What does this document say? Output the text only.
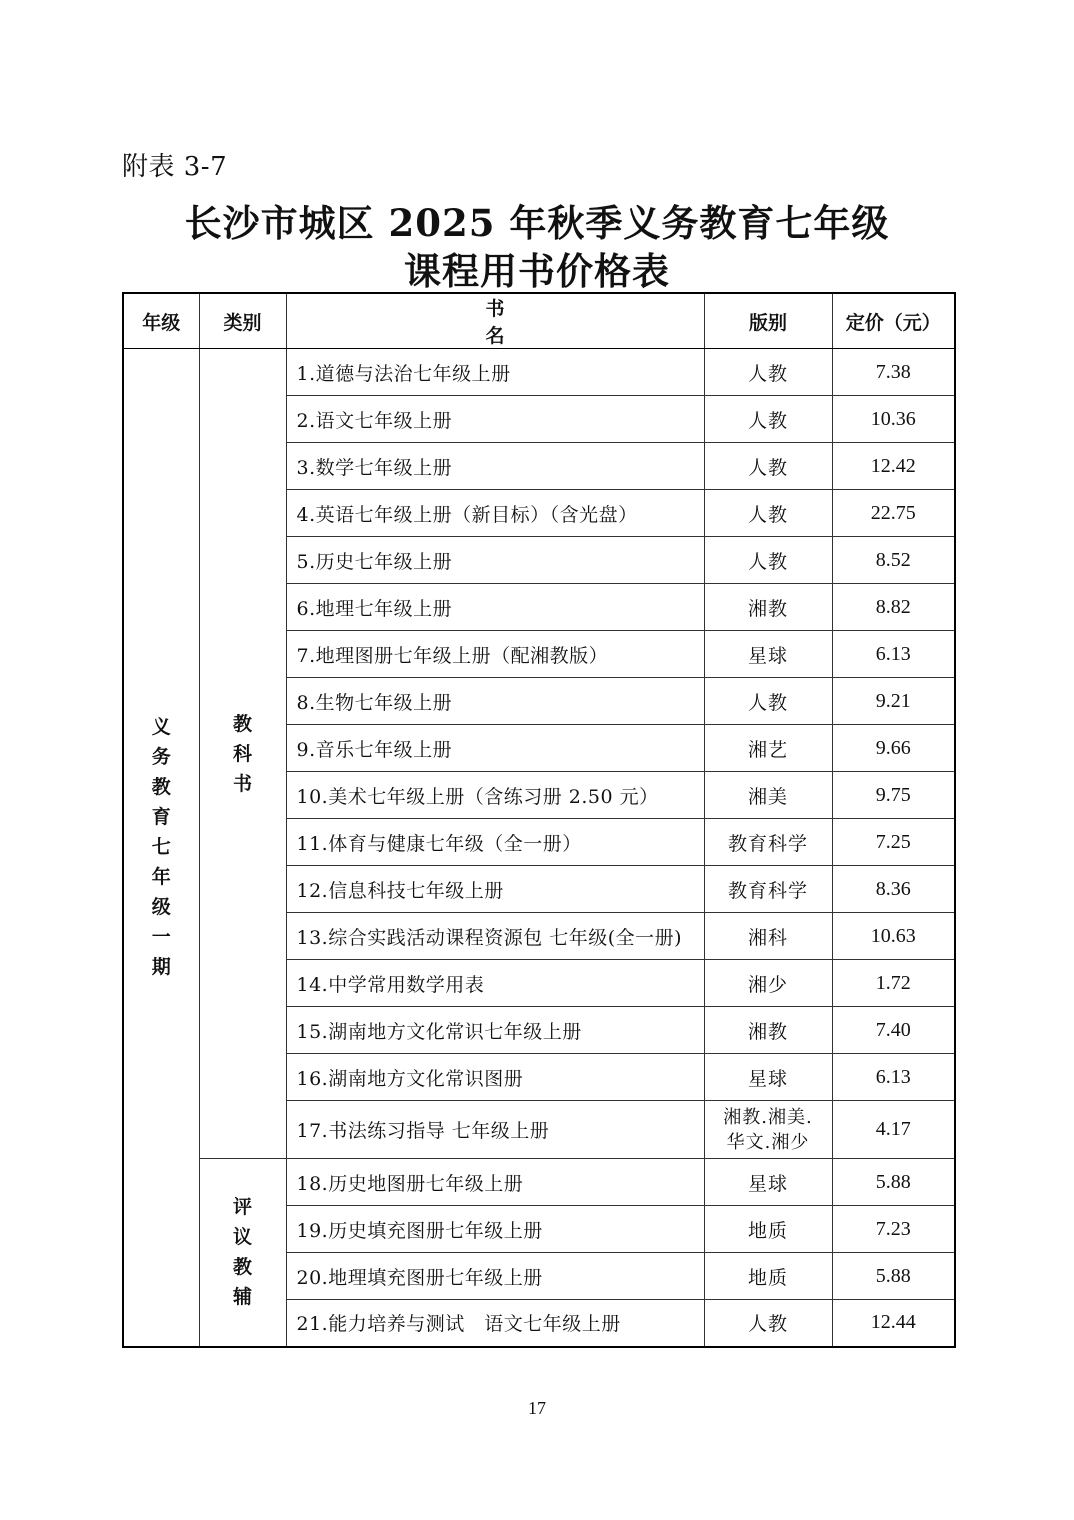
附表 3-7
长沙市城区 2025 年秋季义务教育七年级
课程用书价格表
年级	类别	书名	版别	定价（元）

义务教育七年级一期	教科书	1.道德与法治七年级上册	人教	7.38
		2.语文七年级上册	人教	10.36
		3.数学七年级上册	人教	12.42
		4.英语七年级上册（新目标）（含光盘）	人教	22.75
		5.历史七年级上册	人教	8.52
		6.地理七年级上册	湘教	8.82
		7.地理图册七年级上册（配湘教版）	星球	6.13
		8.生物七年级上册	人教	9.21
		9.音乐七年级上册	湘艺	9.66
		10.美术七年级上册（含练习册 2.50 元）	湘美	9.75
		11.体育与健康七年级（全一册）	教育科学	7.25
		12.信息科技七年级上册	教育科学	8.36
		13.综合实践活动课程资源包 七年级(全一册)	湘科	10.63
		14.中学常用数学用表	湘少	1.72
		15.湖南地方文化常识七年级上册	湘教	7.40
		16.湖南地方文化常识图册	星球	6.13
		17.书法练习指导 七年级上册	湘教.湘美.
华文.湘少	4.17

	评议教辅	18.历史地图册七年级上册	星球	5.88
		19.历史填充图册七年级上册	地质	7.23
		20.地理填充图册七年级上册	地质	5.88
		21.能力培养与测试　语文七年级上册	人教	12.44
17
